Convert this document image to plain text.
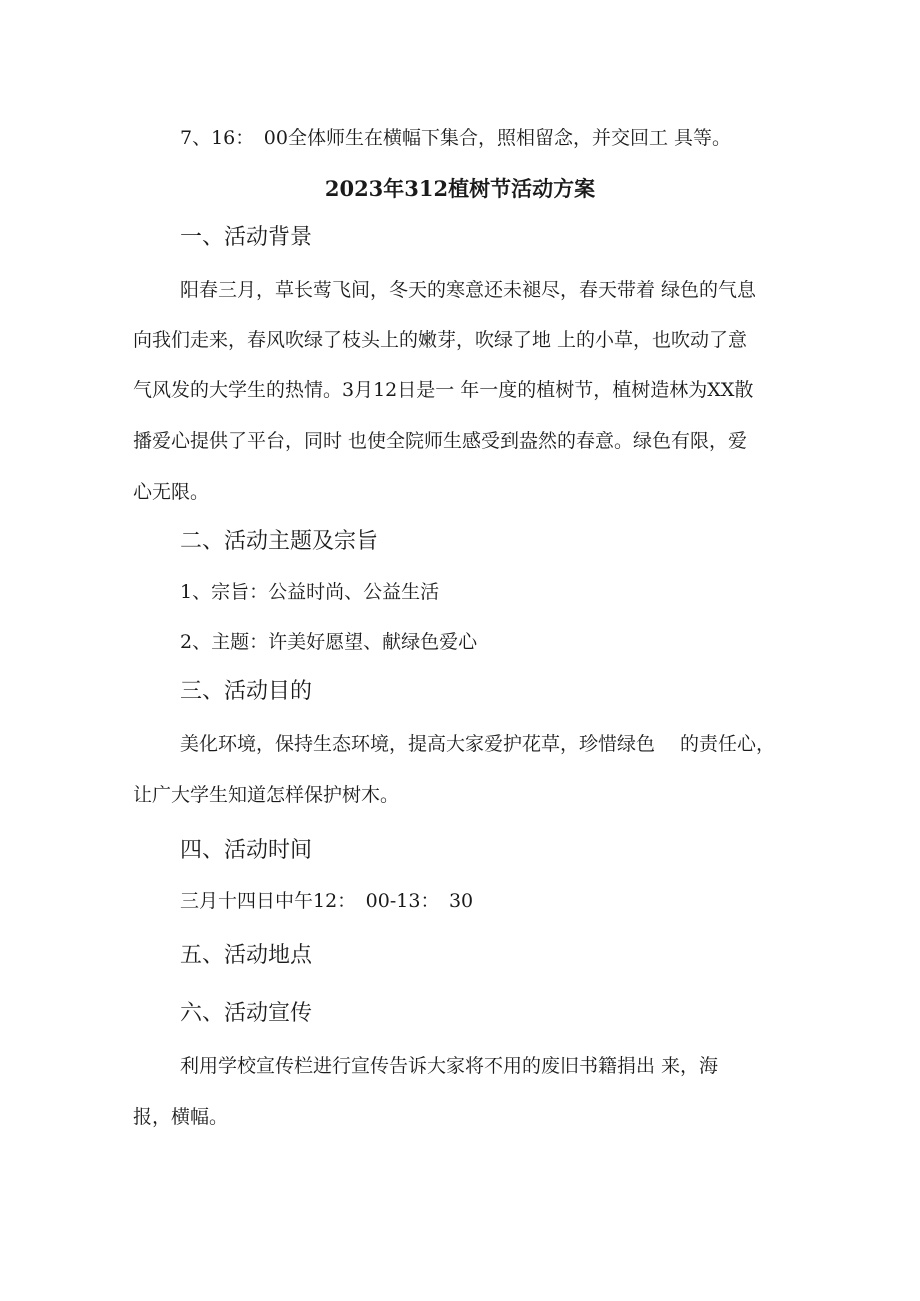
7、16：　00全体师生在横幅下集合，照相留念，并交回工 具等。
2023年312植树节活动方案
一、活动背景
阳春三月，草长莺飞间，冬天的寒意还未褪尽，春天带着 绿色的气息
向我们走来，春风吹绿了枝头上的嫩芽，吹绿了地 上的小草，也吹动了意
气风发的大学生的热情。3月12日是一 年一度的植树节，植树造林为XX散
播爱心提供了平台，同时 也使全院师生感受到盎然的春意。绿色有限，爱
心无限。
二、活动主题及宗旨
1、宗旨：公益时尚、公益生活
2、主题：许美好愿望、献绿色爱心
三、活动目的
美化环境，保持生态环境，提高大家爱护花草，珍惜绿色　 的责任心，
让广大学生知道怎样保护树木。
四、活动时间
三月十四日中午12：　00-13：　30
五、活动地点
六、活动宣传
利用学校宣传栏进行宣传告诉大家将不用的废旧书籍捐出 来，海
报，横幅。
